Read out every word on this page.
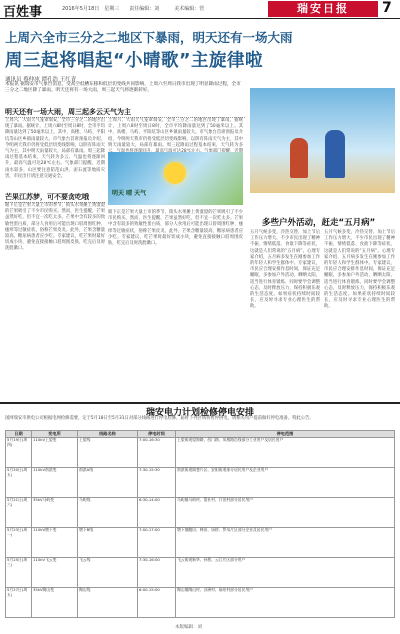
百姓事	2016年5月18日　星期三　　责任编辑：刘　　　美术编辑：管　	瑞安日报	7
上周六全市三分之二地区下暴雨，明天还有一场大雨
周三起将唱起“小晴歌”主旋律啦
通讯员 蔡仲冰 谭孔浩 王红青
本报讯 据瑞安市气象台消息，受高空低槽东移和低层切变线共同影响，上周六至周日我市出现了明显降雨过程，全市三分之二地区降了暴雨。明天还将有一场大雨，周三起天气将逐渐转好。
明天还有一场大雨，周三起多云天气为主
上周六，大雨天气笼罩瑞安，全市三分之二的地区出现了暴雨。据统计，上周六8时至周日8时，全市平均降雨量达到了50毫米以上。其中，高楼、马屿、平阳坑等山区乡镇雨量较大。市气象台首席预报员介绍，今明两天我市仍将受低层切变线影响，以阴有阵雨天气为主，其中明天雨量较大，局部有暴雨。周三起降雨过程基本结束，天气转为多云，气温也将逐渐回升，最高气温可达28℃左右。气象部门提醒，近期雨水较多，山区要注意防范山洪、泥石流等地质灾害，市民出行请注意交通安全。
上周六，大雨天气笼罩瑞安，全市三分之二的地区出现了暴雨。据统计，上周六8时至周日8时，全市平均降雨量达到了50毫米以上。其中，高楼、马屿、平阳坑等山区乡镇雨量较大。市气象台首席预报员介绍，今明两天我市仍将受低层切变线影响，以阴有阵雨天气为主，其中明天雨量较大，局部有暴雨。周三起降雨过程基本结束，天气转为多
明天 晴 天气
芒果江苏梦，可不要贪吃哦
眼下正是芒果大量上市的季节，街头水果摊上黄澄澄的芒果吸引了不少市民购买。然而，医生提醒，芒果虽然好吃，但不宜一次吃太多。芒果中含有较多的致敏性蛋白质，部分人食用后可能出现口唇周围红肿、瘙痒等过敏症状，俗称芒果皮炎。此外，芒果含糖量较高，糖尿病患者应少吃。专家建议，吃芒果时最好切成小块，避免直接接触口唇周围皮肤，吃完后及时洗脸漱口。
眼下正是芒果大量上市的季节，街头水果摊上黄澄澄的芒果吸引了不少市民购买。然而，医生提醒，芒果虽然好吃，但不宜一次吃太多。芒果中含有较多的致敏性蛋白质，部分人食用后可能出现口唇周围红肿、瘙痒等过敏症状，俗称芒果皮炎。此外，芒果含糖量较高，糖尿病患者应少吃。专家建议，吃芒果时最好切成小块，避免直接接触口唇周围皮肤，吃完后及时洗脸漱口。
多些户外活动，赶走“五月病”
五月气候多变，冷热交替，加上节后工作压力增大，不少市民出现了精神不振、情绪低落、食欲下降等症状，这就是人们常说的“五月病”。心理专家介绍，五月病多发生在刚参加工作的年轻人和学生群体中。专家建议，市民应合理安排作息时间，保证充足睡眠，多参加户外活动，晒晒太阳，适当进行体育锻炼，同时要学会调整心态，及时释放压力，保持积极乐观的生活态度。如果症状持续时间较长，应及时寻求专业心理医生的帮助。
五月气候多变，冷热交替，加上节后工作压力增大，不少市民出现了精神不振、情绪低落、食欲下降等症状，这就是人们常说的“五月病”。心理专家介绍，五月病多发生在刚参加工作的年轻人和学生群体中。专家建议，市民应合理安排作息时间，保证充足睡眠，多参加户外活动，晒晒太阳，适当进行体育锻炼，同时要学会调整心态，及时释放压力，保持积极乐观的生活态度。如果症状持续时间较长，应及时寻求专业心理医生的帮助。
瑞安电力计划检修停电安排
国网瑞安市供电公司根据电网检修需要，定于5月18日至5月31日对部分线路进行停电检修，届时下列区域将暂停供电，请相关用户提前做好停电准备。特此公告。
日期	变电所	线路名称	停电时间	停电范围
5月19日(周四)	110kV上望变	上望线	7:00-16:30	上望街道望海路、西门路、凤凰路沿线部分工业用户及居民用户
5月20日(周五)	110kV南滨变	南滨A线	7:30-15:30	南滨街道阁巷片区、安阳街道部分居民用户及企业用户
5月21日(周六)	35kV马屿变	马屿线	6:30-14:00	马屿镇马屿村、篁社村、汀田村部分居民用户
5月23日(周一)	110kV塘下变	塘下B线	7:00-17:00	塘下镇鲍田、韩田、场桥、罗凤片区部分企业及居民用户
5月25日(周三)	110kV飞云变	飞云线	7:30-16:00	飞云街道新华、孙桥、云江片区部分用户
5月27日(周五)	35kV陶山变	陶山线	6:00-15:00	陶山镇陶山村、沙洲村、福泉村部分居民用户
本版编辑：刘
